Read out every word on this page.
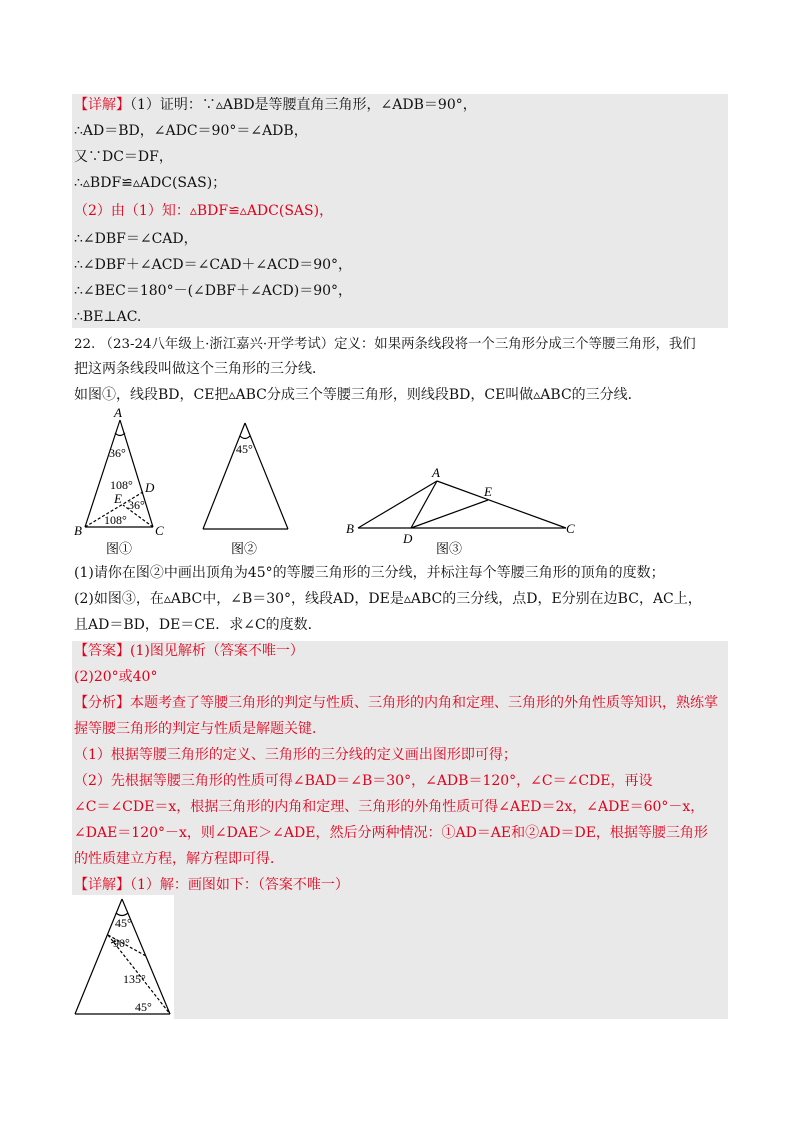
【详解】（1）证明：∵▵ABD是等腰直角三角形，∠ADB＝90°，
∴AD＝BD，∠ADC＝90°＝∠ADB，
又∵DC＝DF，
∴▵BDF≌▵ADC(SAS)；
（2）由（1）知：▵BDF≌▵ADC(SAS)，
∴∠DBF＝∠CAD，
∴∠DBF＋∠ACD＝∠CAD＋∠ACD＝90°，
∴∠BEC＝180°－(∠DBF＋∠ACD)＝90°，
∴BE⊥AC.
22. （23-24八年级上·浙江嘉兴·开学考试）定义：如果两条线段将一个三角形分成三个等腰三角形，我们
把这两条线段叫做这个三角形的三分线．
如图①，线段BD，CE把▵ABC分成三个等腰三角形，则线段BD，CE叫做▵ABC的三分线．
A
B	C
D
E
36°
108°
36°
108°
图①
45°
图②
A
B	C
D
E
图③
(1)请你在图②中画出顶角为45°的等腰三角形的三分线，并标注每个等腰三角形的顶角的度数；
(2)如图③，在▵ABC中，∠B＝30°，线段AD，DE是▵ABC的三分线，点D，E分别在边BC，AC上，
且AD＝BD，DE＝CE．求∠C的度数．
【答案】(1)图见解析（答案不唯一）
(2)20°或40°
【分析】本题考查了等腰三角形的判定与性质、三角形的内角和定理、三角形的外角性质等知识，熟练掌
握等腰三角形的判定与性质是解题关键．
（1）根据等腰三角形的定义、三角形的三分线的定义画出图形即可得；
（2）先根据等腰三角形的性质可得∠BAD＝∠B＝30°，∠ADB＝120°，∠C＝∠CDE，再设
∠C＝∠CDE＝x，根据三角形的内角和定理、三角形的外角性质可得∠AED＝2x，∠ADE＝60°－x，
∠DAE＝120°－x，则∠DAE＞∠ADE，然后分两种情况：①AD＝AE和②AD＝DE，根据等腰三角形
的性质建立方程，解方程即可得．
【详解】（1）解：画图如下：（答案不唯一）
45°
90°
135°
45°
